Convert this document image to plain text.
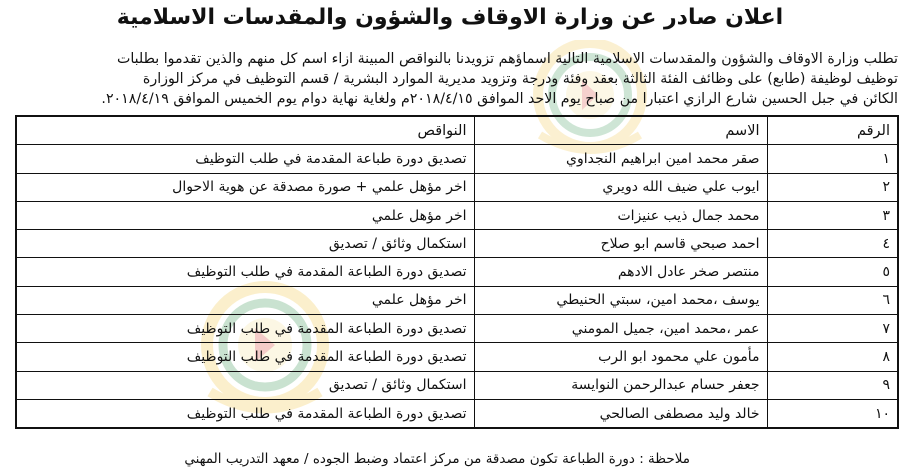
اعلان صادر عن وزارة الاوقاف والشؤون والمقدسات الاسلامية
تطلب وزارة الاوقاف والشؤون والمقدسات الاسلامية التالية اسماؤهم تزويدنا بالنواقص المبينة ازاء اسم كل منهم والذين تقدموا بطلبات
توظيف لوظيفة (طابع) على وظائف الفئة الثالثة بعقد وفئة ودرجة وتزويد مديرية الموارد البشرية / قسم التوظيف في مركز الوزارة
الكائن في جبل الحسين شارع الرازي اعتبارا من صباح يوم الاحد الموافق ٢٠١٨/٤/١٥م ولغاية نهاية دوام يوم الخميس الموافق ٢٠١٨/٤/١٩.
الرقم	الاسم	النواقص
١	صقر محمد امين ابراهيم النجداوي	تصديق دورة طباعة المقدمة في طلب التوظيف
٢	ايوب علي ضيف الله دويري	اخر مؤهل علمي + صورة مصدقة عن هوية الاحوال
٣	محمد جمال ذيب عنيزات	اخر مؤهل علمي
٤	احمد صبحي قاسم ابو صلاح	استكمال وثائق / تصديق
٥	منتصر صخر عادل الادهم	تصديق دورة الطباعة المقدمة في طلب التوظيف
٦	يوسف ،محمد امين، سبتي الحنيطي	اخر مؤهل علمي
٧	عمر ،محمد امين، جميل المومني	تصديق دورة الطباعة المقدمة في طلب التوظيف
٨	مأمون علي محمود ابو الرب	تصديق دورة الطباعة المقدمة في طلب التوظيف
٩	جعفر حسام عبدالرحمن النوايسة	استكمال وثائق / تصديق
١٠	خالد وليد مصطفى الصالحي	تصديق دورة الطباعة المقدمة في طلب التوظيف
ملاحظة : دورة الطباعة تكون مصدقة من مركز اعتماد وضبط الجوده / معهد التدريب المهني
